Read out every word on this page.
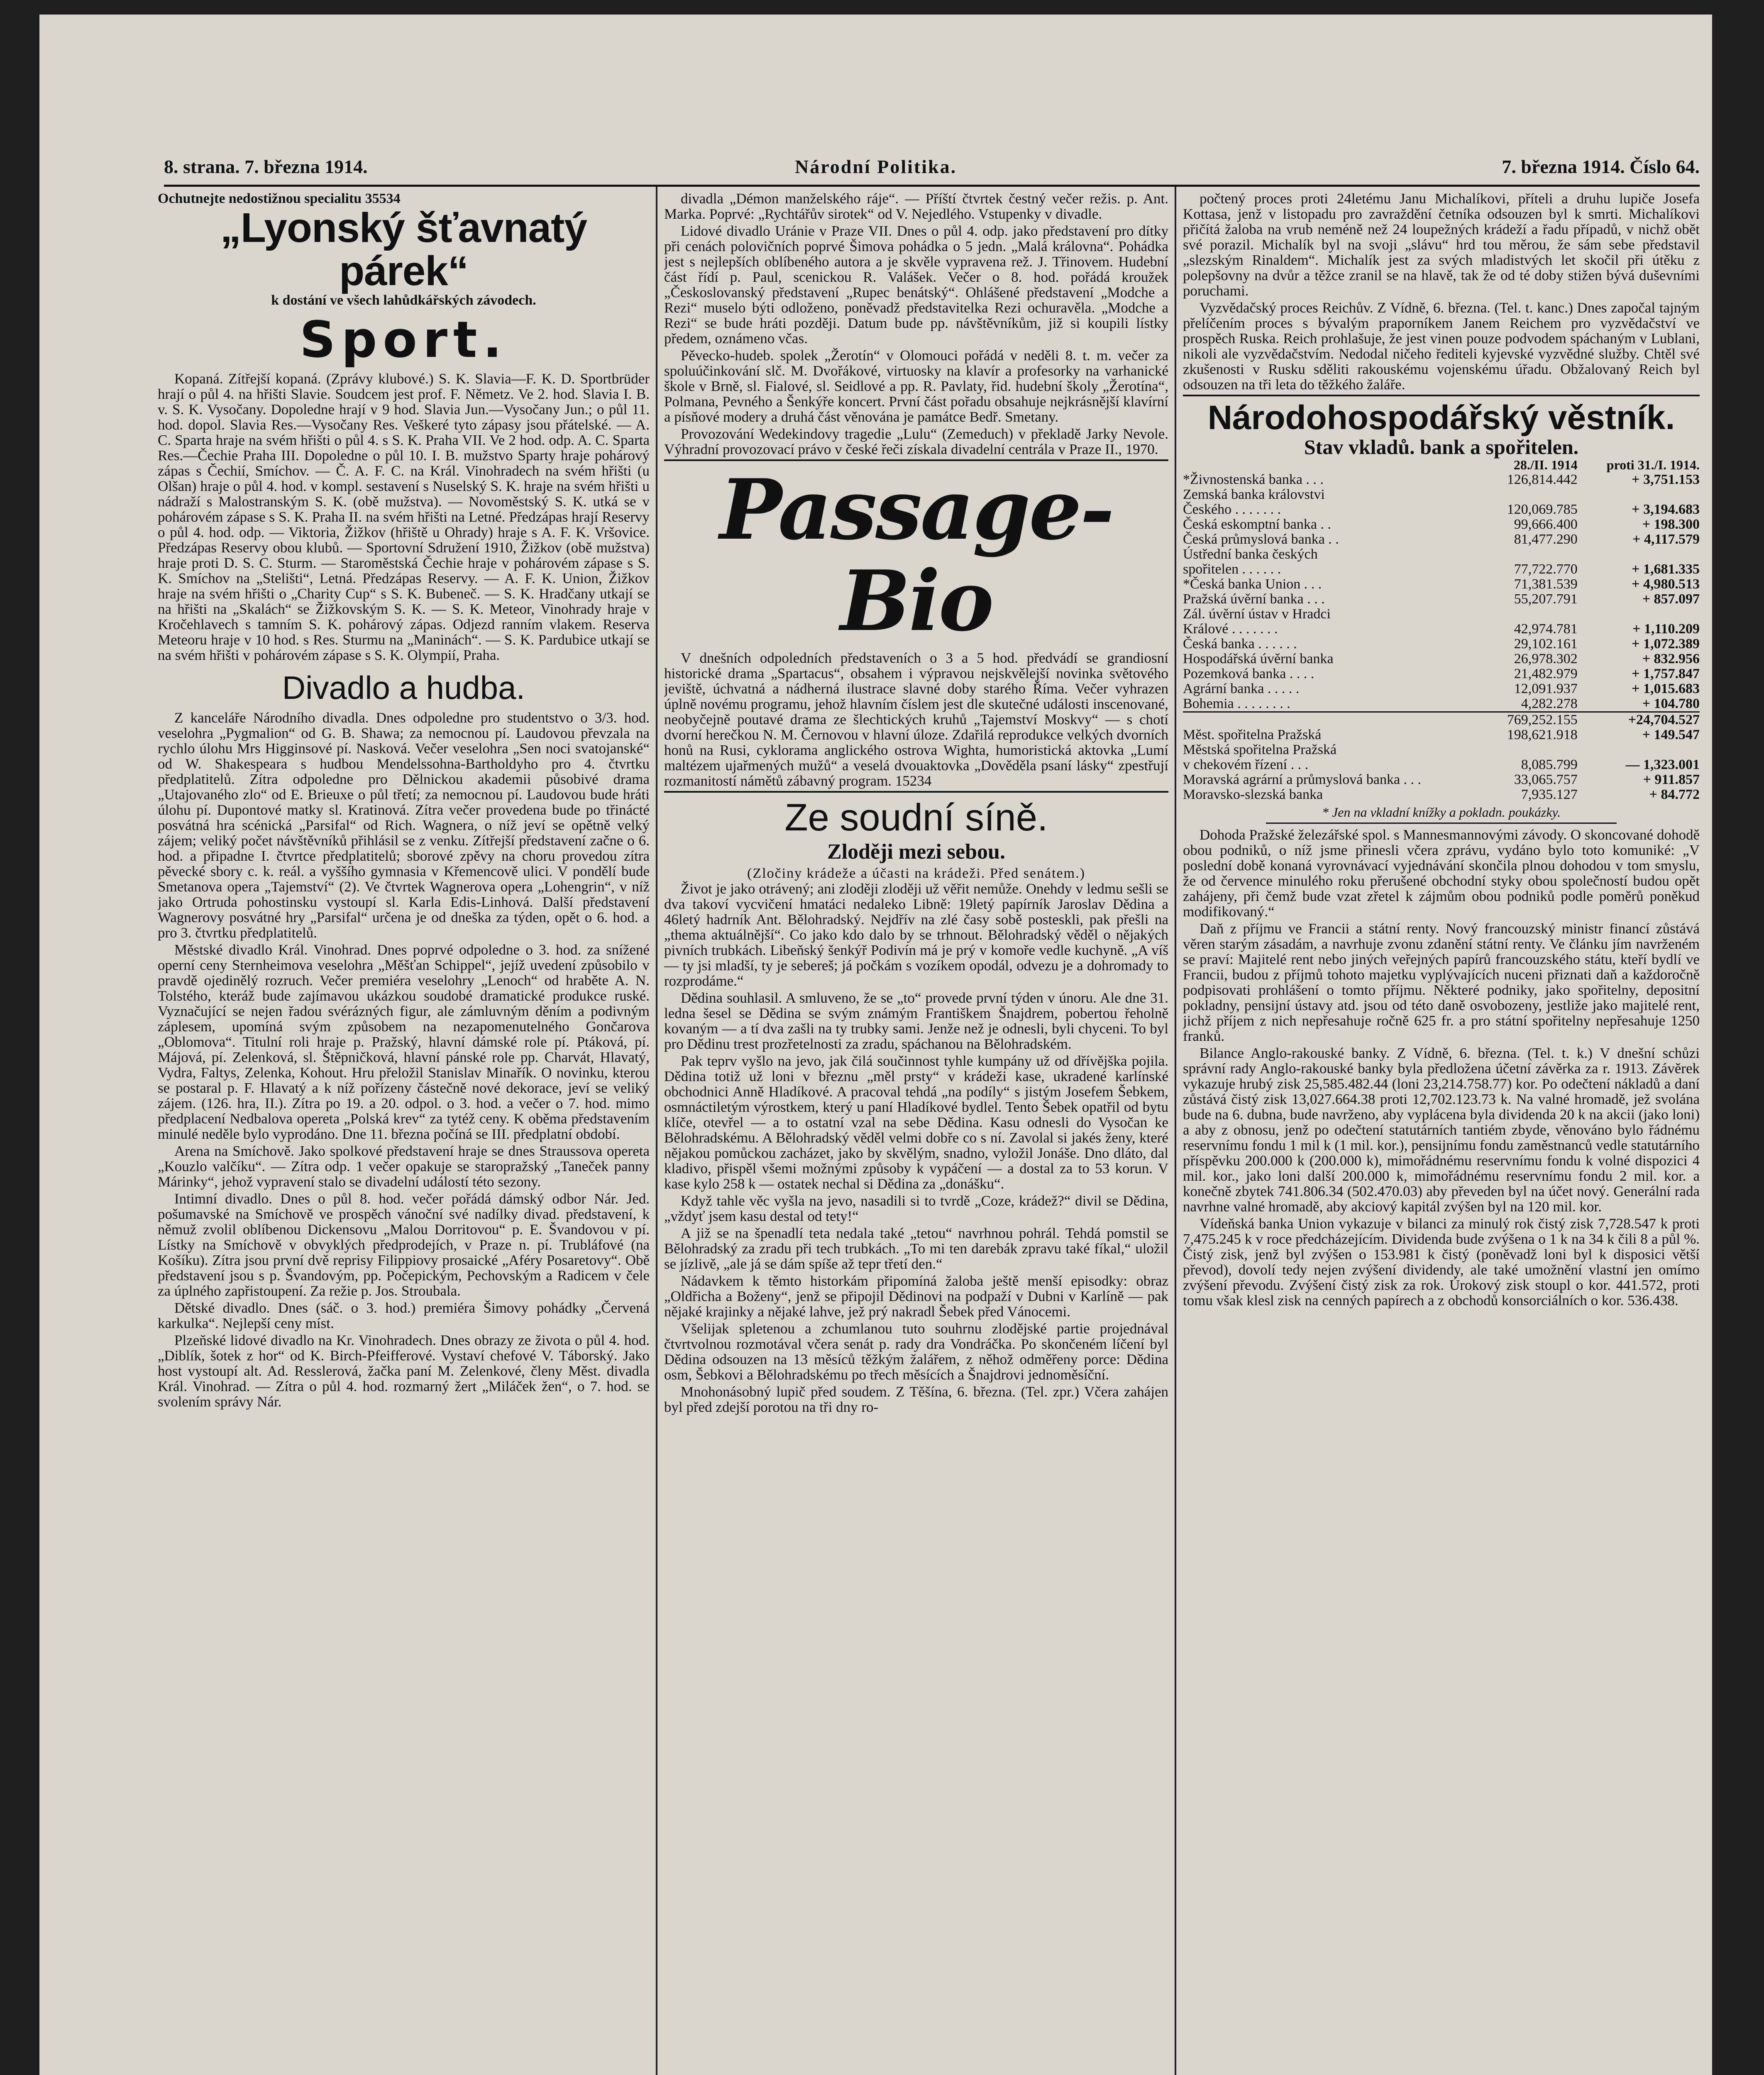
8. strana. 7. března 1914.	Národní Politika.	7. března 1914. Číslo 64.
Ochutnejte nedostižnou specialitu 35534
„Lyonský šťavnatý párek“
k dostání ve všech lahůdkářských závodech.
Sport.

Kopaná. Zítřejší kopaná. (Zprávy klubové.) S. K. Slavia—F. K. D. Sportbrüder hrají o půl 4. na hřišti Slavie. Soudcem jest prof. F. Němetz. Ve 2. hod. Slavia I. B. v. S. K. Vysočany. Dopoledne hrají v 9 hod. Slavia Jun.—Vysočany Jun.; o půl 11. hod. dopol. Slavia Res.—Vysočany Res. Veškeré tyto zápasy jsou přátelské. — A. C. Sparta hraje na svém hřišti o půl 4. s S. K. Praha VII. Ve 2 hod. odp. A. C. Sparta Res.—Čechie Praha III. Dopoledne o půl 10. I. B. mužstvo Sparty hraje pohárový zápas s Čechií, Smíchov. — Č. A. F. C. na Král. Vinohradech na svém hřišti (u Olšan) hraje o půl 4. hod. v kompl. sestavení s Nuselský S. K. hraje na svém hřišti u nádraží s Malostranským S. K. (obě mužstva). — Novoměstský S. K. utká se v pohárovém zápase s S. K. Praha II. na svém hřišti na Letné. Předzápas hrají Reservy o půl 4. hod. odp. — Viktoria, Žižkov (hřiště u Ohrady) hraje s A. F. K. Vršovice. Předzápas Reservy obou klubů. — Sportovní Sdružení 1910, Žižkov (obě mužstva) hraje proti D. S. C. Sturm. — Staroměstská Čechie hraje v pohárovém zápase s S. K. Smíchov na „Stelišti“, Letná. Předzápas Reservy. — A. F. K. Union, Žižkov hraje na svém hřišti o „Charity Cup“ s S. K. Bubeneč. — S. K. Hradčany utkají se na hřišti na „Skalách“ se Žižkovským S. K. — S. K. Meteor, Vinohrady hraje v Kročehlavech s tamním S. K. pohárový zápas. Odjezd ranním vlakem. Reserva Meteoru hraje v 10 hod. s Res. Sturmu na „Maninách“. — S. K. Pardubice utkají se na svém hřišti v pohárovém zápase s S. K. Olympií, Praha.

Divadlo a hudba.

Z kanceláře Národního divadla. Dnes odpoledne pro studentstvo o 3/3. hod. veselohra „Pygmalion“ od G. B. Shawa; za nemocnou pí. Laudovou převzala na rychlo úlohu Mrs Higginsové pí. Nasková. Večer veselohra „Sen noci svatojanské“ od W. Shakespeara s hudbou Mendelssohna-Bartholdyho pro 4. čtvrtku předplatitelů. Zítra odpoledne pro Dělnickou akademii působivé drama „Utajovaného zlo“ od E. Brieuxe o půl třetí; za nemocnou pí. Laudovou bude hráti úlohu pí. Dupontové matky sl. Kratinová. Zítra večer provedena bude po třinácté posvátná hra scénická „Parsifal“ od Rich. Wagnera, o níž jeví se opětně velký zájem; veliký počet návštěvníků přihlásil se z venku. Zítřejší představení začne o 6. hod. a připadne I. čtvrtce předplatitelů; sborové zpěvy na choru provedou zítra pěvecké sbory c. k. reál. a vyššího gymnasia v Křemencově ulici. V pondělí bude Smetanova opera „Tajemství“ (2). Ve čtvrtek Wagnerova opera „Lohengrin“, v níž jako Ortruda pohostinsku vystoupí sl. Karla Edis-Linhová. Další představení Wagnerovy posvátné hry „Parsifal“ určena je od dneška za týden, opět o 6. hod. a pro 3. čtvrtku předplatitelů.

Městské divadlo Král. Vinohrad. Dnes poprvé odpoledne o 3. hod. za snížené operní ceny Sternheimova veselohra „Měšťan Schippel“, jejíž uvedení způsobilo v pravdě ojedinělý rozruch. Večer premiéra veselohry „Lenoch“ od hraběte A. N. Tolstého, kteráž bude zajímavou ukázkou soudobé dramatické produkce ruské. Vyznačující se nejen řadou svérázných figur, ale zámluvným děním a podivným záplesem, upomíná svým způsobem na nezapomenutelného Gončarova „Oblomova“. Titulní roli hraje p. Pražský, hlavní dámské role pí. Ptáková, pí. Májová, pí. Zelenková, sl. Štěpničková, hlavní pánské role pp. Charvát, Hlavatý, Vydra, Faltys, Zelenka, Kohout. Hru přeložil Stanislav Minařík. O novinku, kterou se postaral p. F. Hlavatý a k níž pořízeny částečně nové dekorace, jeví se veliký zájem. (126. hra, II.). Zítra po 19. a 20. odpol. o 3. hod. a večer o 7. hod. mimo předplacení Nedbalova opereta „Polská krev“ za tytéž ceny. K oběma představením minulé neděle bylo vyprodáno. Dne 11. března počíná se III. předplatní období.

Arena na Smíchově. Jako spolkové představení hraje se dnes Straussova opereta „Kouzlo valčíku“. — Zítra odp. 1 večer opakuje se staropražský „Taneček panny Márinky“, jehož vypravení stalo se divadelní událostí této sezony.

Intimní divadlo. Dnes o půl 8. hod. večer pořádá dámský odbor Nár. Jed. pošumavské na Smíchově ve prospěch vánoční své nadílky divad. představení, k němuž zvolil oblíbenou Dickensovu „Malou Dorritovou“ p. E. Švandovou v pí. Lístky na Smíchově v obvyklých předprodejích, v Praze n. pí. Trubláfové (na Košíku). Zítra jsou první dvě reprisy Filippiovy prosaické „Aféry Posaretovy“. Obě představení jsou s p. Švandovým, pp. Počepickým, Pechovským a Radicem v čele za úplného zapřistoupení. Za režie p. Jos. Stroubala.

Dětské divadlo. Dnes (sáč. o 3. hod.) premiéra Šimovy pohádky „Červená karkulka“. Nejlepší ceny míst.

Plzeňské lidové divadlo na Kr. Vinohradech. Dnes obrazy ze života o půl 4. hod. „Diblík, šotek z hor“ od K. Birch-Pfeifferové. Vystaví chefové V. Táborský. Jako host vystoupí alt. Ad. Resslerová, žačka paní M. Zelenkové, členy Měst. divadla Král. Vinohrad. — Zítra o půl 4. hod. rozmarný žert „Miláček žen“, o 7. hod. se svolením správy Nár.

divadla „Démon manželského ráje“. — Příští čtvrtek čestný večer režis. p. Ant. Marka. Poprvé: „Rychtářův sirotek“ od V. Nejedlého. Vstupenky v divadle.

Lidové divadlo Uránie v Praze VII. Dnes o půl 4. odp. jako představení pro dítky při cenách polovičních poprvé Šimova pohádka o 5 jedn. „Malá královna“. Pohádka jest s nejlepších oblíbeného autora a je skvěle vypravena rež. J. Třinovem. Hudební část řídí p. Paul, scenickou R. Valášek. Večer o 8. hod. pořádá kroužek „Českoslovanský představení „Rupec benátský“. Ohlášené představení „Modche a Rezi“ muselo býti odloženo, poněvadž představitelka Rezi ochuravěla. „Modche a Rezi“ se bude hráti později. Datum bude pp. návštěvníkům, již si koupili lístky předem, oznámeno včas.

Pěvecko-hudeb. spolek „Žerotín“ v Olomouci pořádá v neděli 8. t. m. večer za spoluúčinkování slč. M. Dvořákové, virtuosky na klavír a profesorky na varhanické škole v Brně, sl. Fialové, sl. Seidlové a pp. R. Pavlaty, řid. hudební školy „Žerotína“, Polmana, Pevného a Šenkýře koncert. První část pořadu obsahuje nejkrásnější klavírní a písňové modery a druhá část věnována je památce Bedř. Smetany.

Provozování Wedekindovy tragedie „Lulu“ (Zemeduch) v překladě Jarky Nevole. Výhradní provozovací právo v české řeči získala divadelní centrála v Praze II., 1970.

Passage-Bio

V dnešních odpoledních představeních o 3 a 5 hod. předvádí se grandiosní historické drama „Spartacus“, obsahem i výpravou nejskvělejší novinka světového jeviště, úchvatná a nádherná ilustrace slavné doby starého Říma. Večer vyhrazen úplně novému programu, jehož hlavním číslem jest dle skutečné události inscenované, neobyčejně poutavé drama ze šlechtických kruhů „Tajemství Moskvy“ — s chotí dvorní herečkou N. M. Černovou v hlavní úloze. Zdařilá reprodukce velkých dvorních honů na Rusi, cyklorama anglického ostrova Wighta, humoristická aktovka „Lumí maltézem ujařmených mužů“ a veselá dvouaktovka „Dověděla psaní lásky“ zpestřují rozmanitostí námětů zábavný program. 15234

Ze soudní síně.
Zloději mezi sebou.
(Zločiny krádeže a účasti na krádeži. Před senátem.)

Život je jako otrávený; ani zloději zloději už věřit nemůže. Onehdy v ledmu sešli se dva takoví vycvičení hmatáci nedaleko Libně: 19letý papírník Jaroslav Dědina a 46letý hadrník Ant. Bělohradský. Nejdřív na zlé časy sobě posteskli, pak přešli na „thema aktuálnější“. Co jako kdo dalo by se trhnout. Bělohradský věděl o nějakých pivních trubkách. Libeňský šenkýř Podivín má je prý v komoře vedle kuchyně. „A víš — ty jsi mladší, ty je sebereš; já počkám s vozíkem opodál, odvezu je a dohromady to rozprodáme.“

Dědina souhlasil. A smluveno, že se „to“ provede první týden v únoru. Ale dne 31. ledna šesel se Dědina se svým známým Františkem Šnajdrem, pobertou řeholně kovaným — a tí dva zašli na ty trubky sami. Jenže než je odnesli, byli chyceni. To byl pro Dědinu trest prozřetelnosti za zradu, spáchanou na Bělohradském.

Pak teprv vyšlo na jevo, jak čilá součinnost tyhle kumpány už od dřívějška pojila. Dědina totiž už loni v březnu „měl prsty“ v krádeži kase, ukradené karlínské obchodnici Anně Hladíkové. A pracoval tehdá „na podíly“ s jistým Josefem Šebkem, osmnáctiletým výrostkem, který u paní Hladíkové bydlel. Tento Šebek opatřil od bytu klíče, otevřel — a to ostatní vzal na sebe Dědina. Kasu odnesli do Vysočan ke Bělohradskému. A Bělohradský věděl velmi dobře co s ní. Zavolal si jakés ženy, které nějakou pomůckou zacházet, jako by skvělým, snadno, vyložil Jonáše. Dno dláto, dal kladivo, přispěl všemi možnými způsoby k vypáčení — a dostal za to 53 korun. V kase kylo 258 k — ostatek nechal si Dědina za „donášku“.

Když tahle věc vyšla na jevo, nasadili si to tvrdě „Coze, krádež?“ divil se Dědina, „vždyť jsem kasu destal od tety!“

A již se na špenadlí teta nedala také „tetou“ navrhnou pohrál. Tehdá pomstil se Bělohradský za zradu při tech trubkách. „To mi ten darebák zpravu také fíkal,“ uložil se jízlivě, „ale já se dám spíše až tepr třetí den.“

Nádavkem k těmto historkám připomíná žaloba ještě menší episodky: obraz „Oldřicha a Boženy“, jenž se připojil Dědinovi na podpaží v Dubni v Karlíně — pak nějaké krajinky a nějaké lahve, jež prý nakradl Šebek před Vánocemi.

Všelijak spletenou a zchumlanou tuto souhrnu zlodějské partie projednával čtvrtvolnou rozmotával včera senát p. rady dra Vondráčka. Po skončeném líčení byl Dědina odsouzen na 13 měsíců těžkým žalářem, z něhož odměřeny porce: Dědina osm, Šebkovi a Bělohradskému po třech měsících a Šnajdrovi jednoměsíční.

Mnohonásobný lupič před soudem. Z Těšína, 6. března. (Tel. zpr.) Včera zahájen byl před zdejší porotou na tři dny ro-

počtený proces proti 24letému Janu Michalíkovi, příteli a druhu lupiče Josefa Kottasa, jenž v listopadu pro zavraždění četníka odsouzen byl k smrti. Michalíkovi přičítá žaloba na vrub neméně než 24 loupežných krádeží a řadu případů, v nichž obět své porazil. Michalík byl na svoji „slávu“ hrd tou měrou, že sám sebe představil „slezským Rinaldem“. Michalík jest za svých mladistvých let skočil při útěku z polepšovny na dvůr a těžce zranil se na hlavě, tak že od té doby stižen bývá duševními poruchami.

Vyzvědačský proces Reichův. Z Vídně, 6. března. (Tel. t. kanc.) Dnes započal tajným přelíčením proces s bývalým praporníkem Janem Reichem pro vyzvědačství ve prospěch Ruska. Reich prohlašuje, že jest vinen pouze podvodem spáchaným v Lublani, nikoli ale vyzvědačstvím. Nedodal ničeho řediteli kyjevské vyzvědné služby. Chtěl své zkušenosti v Rusku sděliti rakouskému vojenskému úřadu. Obžalovaný Reich byl odsouzen na tři leta do těžkého žaláře.

Národohospodářský věstník.
Stav vkladů. bank a spořitelen.
	28./II. 1914	proti 31./I. 1914.
*Živnostenská banka . . .	126,814.442	+ 3,751.153
Zemská banka královstvi		
Českého . . . . . . .	120,069.785	+ 3,194.683
Česká eskomptní banka . .	99,666.400	+ 198.300
Česká průmyslová banka . .	81,477.290	+ 4,117.579
Ústřední banka českých		
spořitelen . . . . . .	77,722.770	+ 1,681.335
*Česká banka Union . . .	71,381.539	+ 4,980.513
Pražská úvěrní banka . . .	55,207.791	+ 857.097
Zál. úvěrní ústav v Hradci		
Králové . . . . . . .	42,974.781	+ 1,110.209
Česká banka . . . . . .	29,102.161	+ 1,072.389
Hospodářská úvěrní banka	26,978.302	+ 832.956
Pozemková banka . . . .	21,482.979	+ 1,757.847
Agrární banka . . . . .	12,091.937	+ 1,015.683
Bohemia . . . . . . . .	4,282.278	+ 104.780
	769,252.155	+24,704.527
Měst. spořitelna Pražská	198,621.918	+ 149.547
Městská spořitelna Pražská		
v chekovém řízení . . .	8,085.799	— 1,323.001
Moravská agrární a průmyslová banka . . .	33,065.757	+ 911.857
Moravsko-slezská banka	7,935.127	+ 84.772
* Jen na vkladní knížky a pokladn. poukázky.

Dohoda Pražské železářské spol. s Mannesmannovými závody. O skoncované dohodě obou podniků, o níž jsme přinesli včera zprávu, vydáno bylo toto komuniké: „V poslední době konaná vyrovnávací vyjednávání skončila plnou dohodou v tom smyslu, že od července minulého roku přerušené obchodní styky obou společností budou opět zahájeny, při čemž bude vzat zřetel k zájmům obou podniků podle poměrů poněkud modifikovaný.“

Daň z příjmu ve Francii a státní renty. Nový francouzský ministr financí zůstává věren starým zásadám, a navrhuje zvonu zdanění státní renty. Ve článku jím navrženém se praví: Majitelé rent nebo jiných veřejných papírů francouzského státu, kteří bydlí ve Francii, budou z příjmů tohoto majetku vyplývajících nuceni přiznati daň a každoročně podpisovati prohlášení o tomto příjmu. Některé podniky, jako spořitelny, depositní pokladny, pensijní ústavy atd. jsou od této daně osvobozeny, jestliže jako majitelé rent, jichž příjem z nich nepřesahuje ročně 625 fr. a pro státní spořitelny nepřesahuje 1250 franků.

Bilance Anglo-rakouské banky. Z Vídně, 6. března. (Tel. t. k.) V dnešní schůzi správní rady Anglo-rakouské banky byla předložena účetní závěrka za r. 1913. Závěrek vykazuje hrubý zisk 25,585.482.44 (loni 23,214.758.77) kor. Po odečtení nákladů a daní zůstává čistý zisk 13,027.664.38 proti 12,702.123.73 k. Na valné hromadě, jež svolána bude na 6. dubna, bude navrženo, aby vyplácena byla dividenda 20 k na akcii (jako loni) a aby z obnosu, jenž po odečtení statutárních tantiém zbyde, věnováno bylo řádnému reservnímu fondu 1 mil k (1 mil. kor.), pensijnímu fondu zaměstnanců vedle statutárního příspěvku 200.000 k (200.000 k), mimořádnému reservnímu fondu k volné dispozici 4 mil. kor., jako loni další 200.000 k, mimořádnému reservnímu fondu 2 mil. kor. a konečně zbytek 741.806.34 (502.470.03) aby převeden byl na účet nový. Generální rada navrhne valné hromadě, aby akciový kapitál zvýšen byl na 120 mil. kor.

Vídeňská banka Union vykazuje v bilanci za minulý rok čistý zisk 7,728.547 k proti 7,475.245 k v roce předcházejícím. Dividenda bude zvýšena o 1 k na 34 k čili 8 a půl %. Čistý zisk, jenž byl zvýšen o 153.981 k čistý (poněvadž loni byl k disposici větší převod), dovolí tedy nejen zvýšení dividendy, ale také umožnění vlastní jen omímo zvýšení převodu. Zvýšení čistý zisk za rok. Úrokový zisk stoupl o kor. 441.572, proti tomu však klesl zisk na cenných papírech a z obchodů konsorciálních o kor. 536.438.
